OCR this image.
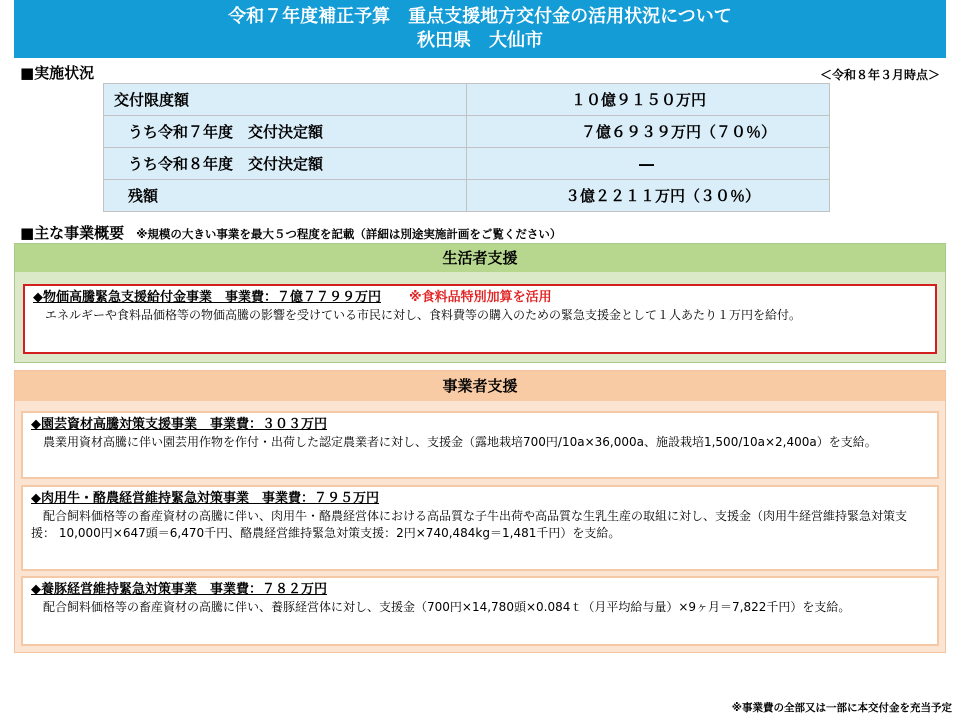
令和７年度補正予算　重点支援地方交付金の活用状況について
秋田県　大仙市
■実施状況	＜令和８年３月時点＞
交付限度額	１０億９１５０万円
うち令和７年度　交付決定額	７億６９３９万円（７０％）
うち令和８年度　交付決定額	―
残額	３億２２１１万円（３０％）
■主な事業概要 ※規模の大きい事業を最大５つ程度を記載（詳細は別途実施計画をご覧ください）
生活者支援
◆物価高騰緊急支援給付金事業　事業費：７億７７９９万円 ※食料品特別加算を活用
エネルギーや食料品価格等の物価高騰の影響を受けている市民に対し、食料費等の購入のための緊急支援金として１人あたり１万円を給付。
事業者支援
◆園芸資材高騰対策支援事業　事業費：３０３万円
農業用資材高騰に伴い園芸用作物を作付・出荷した認定農業者に対し、支援金（露地栽培700円/10a×36,000a、施設栽培1,500/10a×2,400a）を支給。
◆肉用牛・酪農経営維持緊急対策事業　事業費：７９５万円
配合飼料価格等の畜産資材の高騰に伴い、肉用牛・酪農経営体における高品質な子牛出荷や高品質な生乳生産の取組に対し、支援金（肉用牛経営維持緊急対策支援： 10,000円×647頭＝6,470千円、酪農経営維持緊急対策支援：2円×740,484kg＝1,481千円）を支給。
◆養豚経営維持緊急対策事業　事業費：７８２万円
配合飼料価格等の畜産資材の高騰に伴い、養豚経営体に対し、支援金（700円×14,780頭×0.084ｔ（月平均給与量）×9ヶ月＝7,822千円）を支給。
※事業費の全部又は一部に本交付金を充当予定
